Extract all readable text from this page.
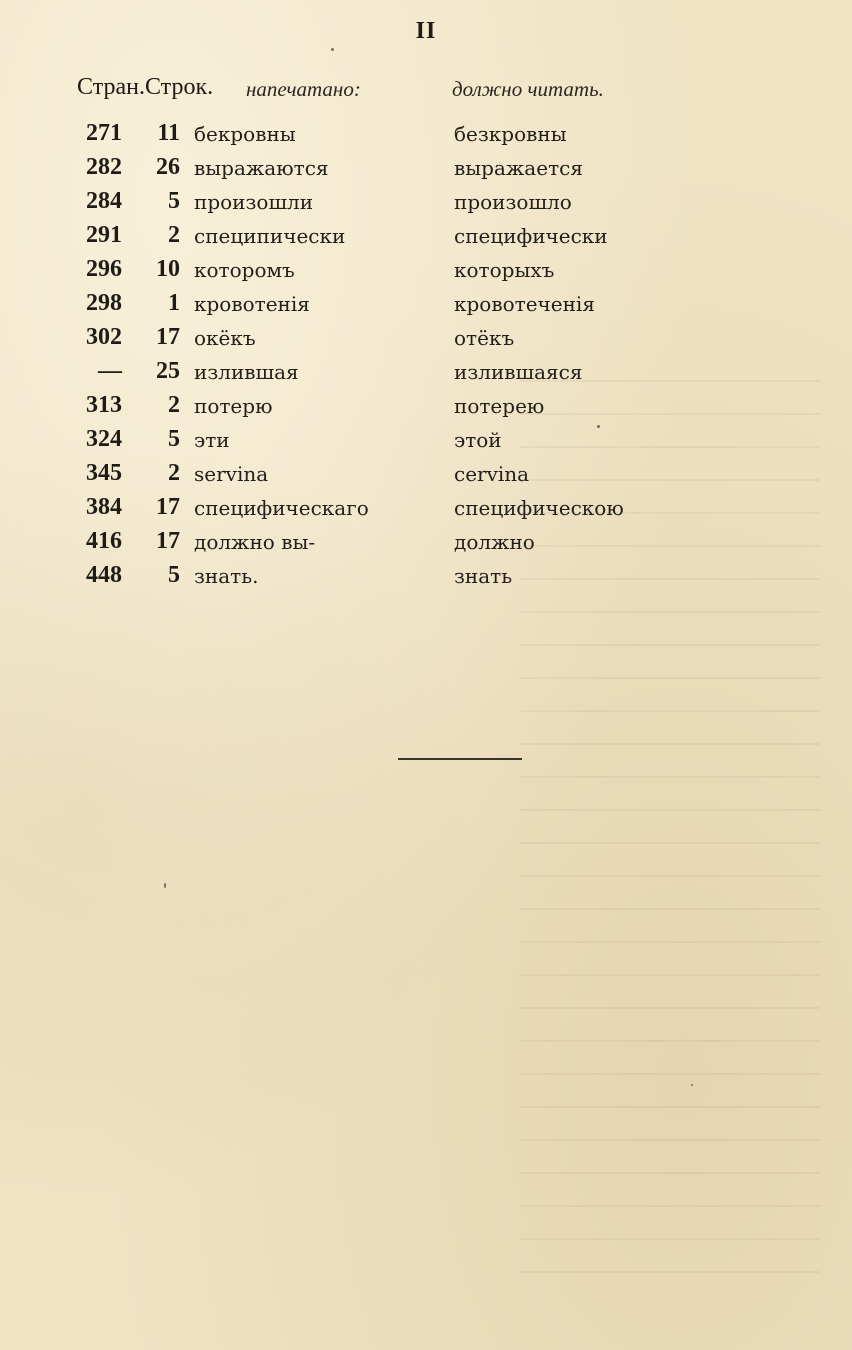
II
Стран.Строк. напечатано:	должно читать.
271	11 бекровны	безкровны
282	26 выражаются	выражается
284	5 произошли	произошло
291	2 специпически	специфически
296	10 которомъ	которыхъ
298	1 кровотенія	кровотеченія
302	17 окёкъ	отёкъ
—	25 излившая	излившаяся
313	2 потерю	потерею
324	5 эти	этой
345	2 servina	cervina
384	17 специфическаго	специфическою
416	17 должно вы-	должно
448	5 знать.	знать
